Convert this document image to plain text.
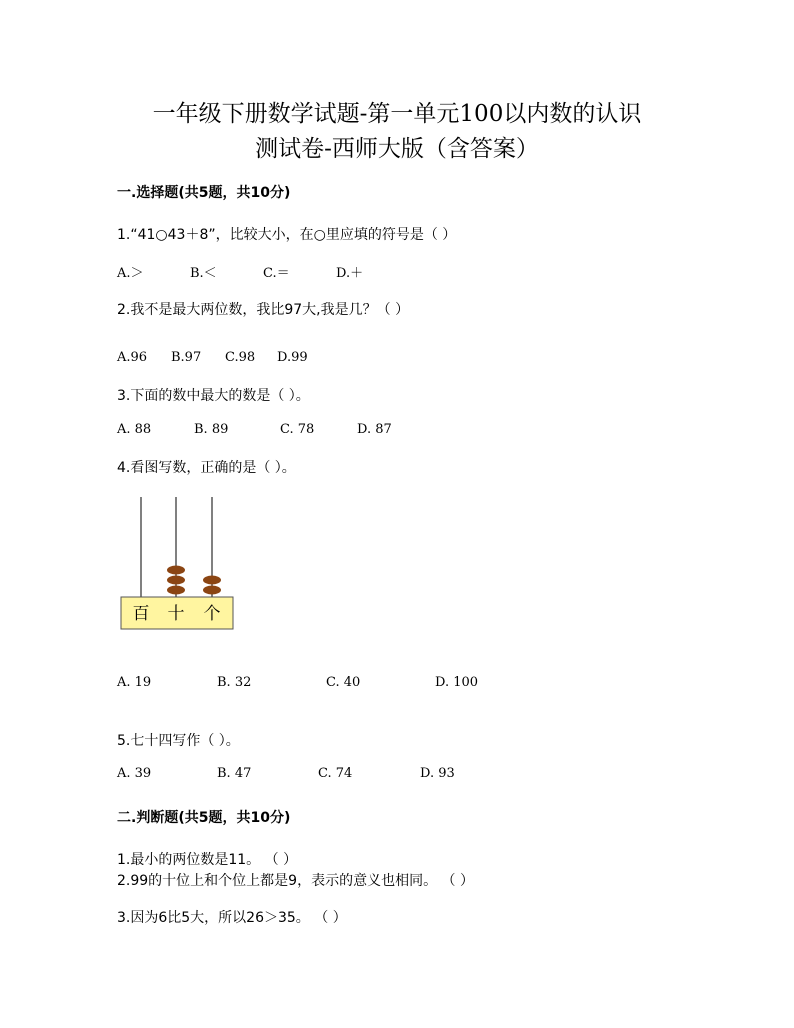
一年级下册数学试题-第一单元100以内数的认识
测试卷-西师大版（含答案）
一.选择题(共5题，共10分)
1.“41○43＋8”，比较大小，在○里应填的符号是（ ）
A.＞	B.＜	C.＝	D.＋
2.我不是最大两位数，我比97大,我是几？（ ）
A.96 B.97 C.98 D.99
3.下面的数中最大的数是（ ）。
A. 88	B. 89	C. 78	D. 87
4.看图写数，正确的是（ ）。
百 十 个
A. 19	B. 32	C. 40	D. 100
5.七十四写作（ ）。
A. 39	B. 47	C. 74	D. 93
二.判断题(共5题，共10分)
1.最小的两位数是11。 （ ）
2.99的十位上和个位上都是9，表示的意义也相同。 （ ）
3.因为6比5大，所以26＞35。 （ ）
